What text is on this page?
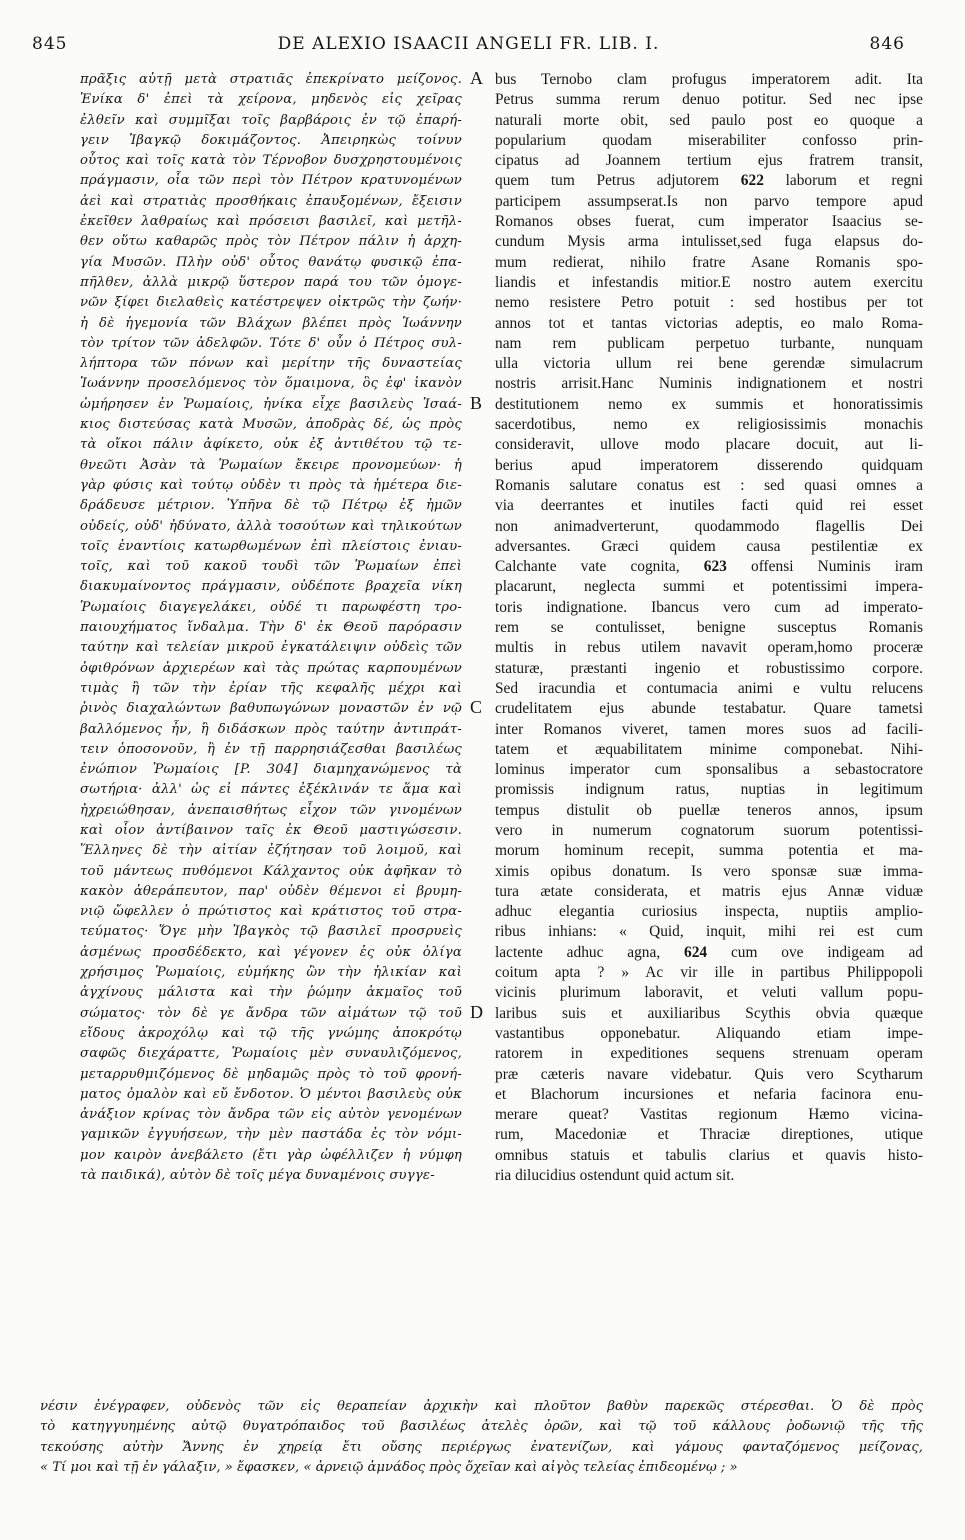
845	DE ALEXIO ISAACII ANGELI FR. LIB. I.	846
πρᾶξις αὐτῇ μετὰ στρατιᾶς ἐπεκρίνατο μείζονος.
Ἐνίκα δ' ἐπεὶ τὰ χείρονα, μηδενὸς εἰς χεῖρας
ἐλθεῖν καὶ συμμῖξαι τοῖς βαρβάροις ἐν τῷ ἐπαρή-
γειν Ἰβαγκῷ δοκιμάζοντος. Ἀπειρηκὼς τοίνυν
οὗτος καὶ τοῖς κατὰ τὸν Τέρνοβον δυσχρηστουμένοις
πράγμασιν, οἷα τῶν περὶ τὸν Πέτρον κρατυνομένων
ἀεὶ καὶ στρατιὰς προσθήκαις ἐπαυξομένων, ἔξεισιν
ἐκεῖθεν λαθραίως καὶ πρόσεισι βασιλεῖ, καὶ μετῆλ-
θεν οὕτω καθαρῶς πρὸς τὸν Πέτρον πάλιν ἡ ἀρχη-
γία Μυσῶν. Πλὴν οὐδ' οὗτος θανάτῳ φυσικῷ ἐπα-
πῆλθεν, ἀλλὰ μικρῷ ὕστερον παρά του τῶν ὁμογε-
νῶν ξίφει διελαθεὶς κατέστρεψεν οἰκτρῶς τὴν ζωήν·
ἡ δὲ ἡγεμονία τῶν Βλάχων βλέπει πρὸς Ἰωάννην
τὸν τρίτον τῶν ἀδελφῶν. Τότε δ' οὖν ὁ Πέτρος συλ-
λήπτορα τῶν πόνων καὶ μερίτην τῆς δυναστείας
Ἰωάννην προσελόμενος τὸν ὅμαιμονα, ὃς ἐφ' ἱκανὸν
ὡμήρησεν ἐν Ῥωμαίοις, ἡνίκα εἶχε βασιλεὺς Ἰσαά-
κιος διστεύσας κατὰ Μυσῶν, ἀποδρὰς δέ, ὡς πρὸς
τὰ οἴκοι πάλιν ἀφίκετο, οὐκ ἐξ ἀντιθέτου τῷ τε-
θνεῶτι Ἀσὰν τὰ Ῥωμαίων ἔκειρε προνομεύων· ἡ
γὰρ φύσις καὶ τούτῳ οὐδὲν τι πρὸς τὰ ἡμέτερα διε-
δράδευσε μέτριον. Ὑπῆνα δὲ τῷ Πέτρῳ ἐξ ἡμῶν
οὐδείς, οὐδ' ἠδύνατο, ἀλλὰ τοσούτων καὶ τηλικούτων
τοῖς ἐναντίοις κατωρθωμένων ἐπὶ πλείστοις ἐνιαυ-
τοῖς, καὶ τοῦ κακοῦ τουδὶ τῶν Ῥωμαίων ἐπεὶ
διακυμαίνοντος πράγμασιν, οὐδέποτε βραχεῖα νίκη
Ῥωμαίοις διαγεγελάκει, οὐδέ τι παρωφέστη τρο-
παιουχήματος ἴνδαλμα. Τὴν δ' ἐκ Θεοῦ παρόρασιν
ταύτην καὶ τελείαν μικροῦ ἐγκατάλειψιν οὐδεὶς τῶν
ὀφιθρόνων ἀρχιερέων καὶ τὰς πρώτας καρπουμένων
τιμὰς ἢ τῶν τὴν ἐρίαν τῆς κεφαλῆς μέχρι καὶ
ῥινὸς διαχαλώντων βαθυπωγώνων μοναστῶν ἐν νῷ
βαλλόμενος ἦν, ἢ διδάσκων πρὸς ταύτην ἀντιπράτ-
τειν ὁποσονοῦν, ἢ ἐν τῇ παρρησιάζεσθαι βασιλέως
ἐνώπιον Ῥωμαίοις [P. 304] διαμηχανώμενος τὰ
σωτήρια· ἀλλ' ὡς εἰ πάντες ἐξέκλινάν τε ἅμα καὶ
ἠχρειώθησαν, ἀνεπαισθήτως εἶχον τῶν γινομένων
καὶ οἷον ἀντίβαινον ταῖς ἐκ Θεοῦ μαστιγώσεσιν.
Ἕλληνες δὲ τὴν αἰτίαν ἐζήτησαν τοῦ λοιμοῦ, καὶ
τοῦ μάντεως πυθόμενοι Κάλχαντος οὐκ ἀφῆκαν τὸ
κακὸν ἀθεράπευτον, παρ' οὐδὲν θέμενοι εἰ βρυμη-
νιῷ ὤφελλεν ὁ πρώτιστος καὶ κράτιστος τοῦ στρα-
τεύματος· Ὅγε μὴν Ἰβαγκὸς τῷ βασιλεῖ προσρυεὶς
ἀσμένως προσδέδεκτο, καὶ γέγονεν ἐς οὐκ ὀλίγα
χρήσιμος Ῥωμαίοις, εὐμήκης ὢν τὴν ἡλικίαν καὶ
ἀγχίνους μάλιστα καὶ τὴν ῥώμην ἀκμαῖος τοῦ
σώματος· τὸν δὲ γε ἄνδρα τῶν αἱμάτων τῷ τοῦ
εἴδους ἀκροχόλῳ καὶ τῷ τῆς γνώμης ἀποκρότῳ
σαφῶς διεχάραττε, Ῥωμαίοις μὲν συναυλιζόμενος,
μεταρρυθμιζόμενος δὲ μηδαμῶς πρὸς τὸ τοῦ φρονή-
ματος ὁμαλὸν καὶ εὔ ἔνδοτον. Ὁ μέντοι βασιλεὺς οὐκ
ἀνάξιον κρίνας τὸν ἄνδρα τῶν εἰς αὐτὸν γενομένων
γαμικῶν ἐγγυήσεων, τὴν μὲν παστάδα ἐς τὸν νόμι-
μον καιρὸν ἀνεβάλετο (ἔτι γὰρ ὠφέλλιζεν ἡ νύμφη
τὰ παιδικά), αὐτὸν δὲ τοῖς μέγα δυναμένοις συγγε-
A
B
C
D
bus Ternobo clam profugus imperatorem adit. Ita
Petrus summa rerum denuo potitur. Sed nec ipse
naturali morte obit, sed paulo post eo quoque a
popularium quodam miserabiliter confosso prin-
cipatus ad Joannem tertium ejus fratrem transit,
quem tum Petrus adjutorem 622 laborum et regni
participem assumpserat.Is non parvo tempore apud
Romanos obses fuerat, cum imperator Isaacius se-
cundum Mysis arma intulisset,sed fuga elapsus do-
mum redierat, nihilo fratre Asane Romanis spo-
liandis et infestandis mitior.E nostro autem exercitu
nemo resistere Petro potuit : sed hostibus per tot
annos tot et tantas victorias adeptis, eo malo Roma-
nam rem publicam perpetuo turbante, nunquam
ulla victoria ullum rei bene gerendæ simulacrum
nostris arrisit.Hanc Numinis indignationem et nostri
destitutionem nemo ex summis et honoratissimis
sacerdotibus, nemo ex religiosissimis monachis
consideravit, ullove modo placare docuit, aut li-
berius apud imperatorem disserendo quidquam
Romanis salutare conatus est : sed quasi omnes a
via deerrantes et inutiles facti quid rei esset
non animadverterunt, quodammodo flagellis Dei
adversantes. Græci quidem causa pestilentiæ ex
Calchante vate cognita, 623 offensi Numinis iram
placarunt, neglecta summi et potentissimi impera-
toris indignatione. Ibancus vero cum ad imperato-
rem se contulisset, benigne susceptus Romanis
multis in rebus utilem navavit operam,homo proceræ
staturæ, præstanti ingenio et robustissimo corpore.
Sed iracundia et contumacia animi e vultu relucens
crudelitatem ejus abunde testabatur. Quare tametsi
inter Romanos viveret, tamen mores suos ad facili-
tatem et æquabilitatem minime componebat. Nihi-
lominus imperator cum sponsalibus a sebastocratore
promissis indignum ratus, nuptias in legitimum
tempus distulit ob puellæ teneros annos, ipsum
vero in numerum cognatorum suorum potentissi-
morum hominum recepit, summa potentia et ma-
ximis opibus donatum. Is vero sponsæ suæ imma-
tura ætate considerata, et matris ejus Annæ viduæ
adhuc elegantia curiosius inspecta, nuptiis amplio-
ribus inhians: « Quid, inquit, mihi rei est cum
lactente adhuc agna, 624 cum ove indigeam ad
coitum apta ? » Ac vir ille in partibus Philippopoli
vicinis plurimum laboravit, et veluti vallum popu-
laribus suis et auxiliaribus Scythis obvia quæque
vastantibus opponebatur. Aliquando etiam impe-
ratorem in expeditiones sequens strenuam operam
præ cæteris navare videbatur. Quis vero Scytharum
et Blachorum incursiones et nefaria facinora enu-
merare queat? Vastitas regionum Hæmo vicina-
rum, Macedoniæ et Thraciæ direptiones, utique
omnibus statuis et tabulis clarius et quavis histo-
ria dilucidius ostendunt quid actum sit.
νέσιν ἐνέγραφεν, οὐδενὸς τῶν εἰς θεραπείαν ἀρχικὴν καὶ πλοῦτον βαθὺν παρεκῶς στέρεσθαι. Ὁ δὲ πρὸς
τὸ κατηγγυημένης αὐτῷ θυγατρόπαιδος τοῦ βασιλέως ἀτελὲς ὁρῶν, καὶ τῷ τοῦ κάλλους ῥοδωνιῷ τῆς τῆς
τεκούσης αὐτὴν Ἄννης ἐν χηρείᾳ ἔτι οὔσης περιέργως ἐνατενίζων, καὶ γάμους φανταζόμενος μείζονας,
« Τί μοι καὶ τῇ ἐν γάλαξιν, » ἔφασκεν, « ἀρνειῷ ἀμνάδος πρὸς ὄχεῖαν καὶ αἰγὸς τελείας ἐπιδεομένῳ ; »
